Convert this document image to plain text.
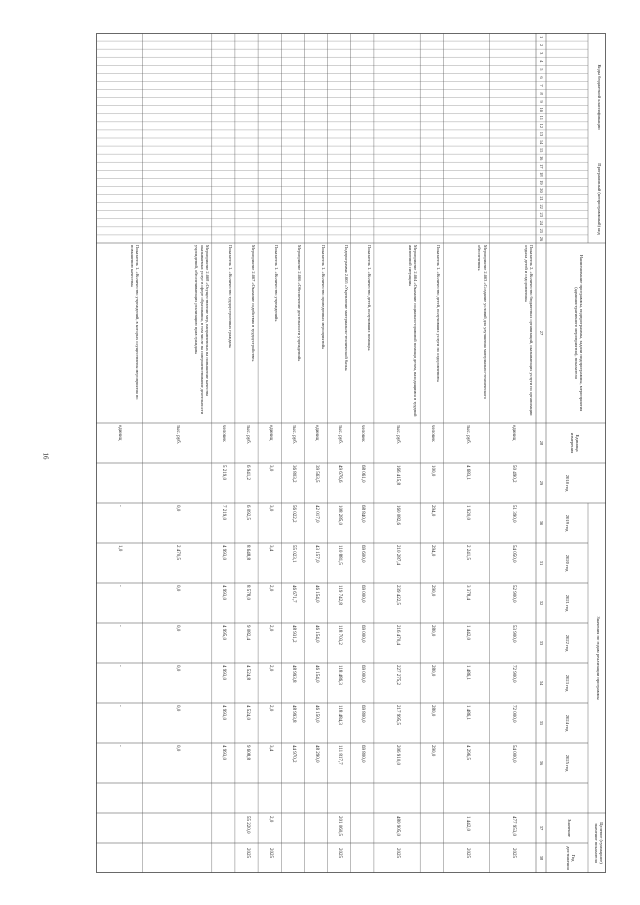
16
Коды бюджетной классификации
Программный (непрограммный) код
Наименование программы, подпрограммы, задачи подпрограммы, мероприятия (административного мероприятия), показателя
Единица измерения
Значения по годам реализации программы
Целевое (суммарное) значение показателя
Значение
Год достижения
2018 год
2019 год
2020 год
2021 год
2022 год
2023 год
2024 год
2025 год
1
2
3
4
5
6
7
8
9
10
11
12
13
14
15
16
17
18
19
20
21
22
23
24
25
26
27
28
29
30
31
32
33
34
35
36
37
38
Показатель 2. «Количество бюджетных организаций, оказывающих услуги по организации отдыха детей и оздоровления»
единиц
50 490,2
51 390,0
54 050,0
52 900,0
53 900,0
72 900,0
72 000,0
54 000,0
477 953,0
2025
Мероприятие 2.003 «Создание условий для улучшения материально-технического обеспечения»
тыс. руб.
4 683,1
1 920,0
2 241,5
3 378,4
1 442,0
1 486,1
1 486,1
4 296,5
1 442,0
2025
Показатель 1. «Количество детей, получивших услуги по оздоровлению»
человек
100,0
294,0
294,0
290,0
280,0
280,0
280,0
290,0
Мероприятие 2.004 «Оказание социально-правовой помощи детям, находящимся в трудной жизненной ситуации»
тыс. руб.
166 415,8
160 082,6
210 287,4
239 422,5
216 470,4
227 275,2
217 995,5
206 910,0
480 905,0
2025
Показатель 1. «Количество детей, получивших помощь»
человек
68 061,0
68 840,0
69 600,0
69 000,0
69 000,0
69 000,0
69 800,0
69 800,0
Подпрограмма 2.005 «Укрепление материально-технической базы»
тыс. руб.
49 676,6
108 285,0
110 881,5
119 742,8
118 703,2
118 486,3
118 484,3
111 817,7
201 060,5
2025
Показатель 1. «Количество проведенных мероприятий»
единиц
39 563,5
42 017,0
43 157,0
46 154,0
46 154,0
46 154,0
46 150,0
48 290,0
Мероприятие 2.006 «Обеспечение деятельности учреждений»
тыс. руб.
36 803,2
56 022,2
55 023,1
46 671,7
48 931,2
48 993,8
48 993,8
44 970,2
Показатель 1. «Количество учреждений»
единиц
3,0
3,0
3,4
2,0
2,0
2,0
2,0
3,4
2,0
2025
Мероприятие 2.007 «Оказание содействия в трудоустройстве»
тыс. руб.
6 941,2
6 092,5
8 648,8
8 578,0
9 082,4
4 524,8
4 524,0
9 608,8
55 220,0
2025
Показатель 1. «Количество трудоустроенных граждан»
человек
5 219,0
7 219,0
4 993,0
4 993,0
4 995,0
4 993,0
4 993,0
4 993,0
Мероприятие 2.008 «Осуществление мер, направленных на повышение качества оказываемых услуг в сфере образования, в том числе на совершенствование деятельности учреждений, обеспечивающих реализацию прав граждан»
тыс. руб.
0,0
2 470,5
0,0
0,0
0,0
0,0
0,0
Показатель 1. «Количество учреждений, в которых осуществлены мероприятия по повышению качества»
единиц
-
1,0
-
-
-
-
-
